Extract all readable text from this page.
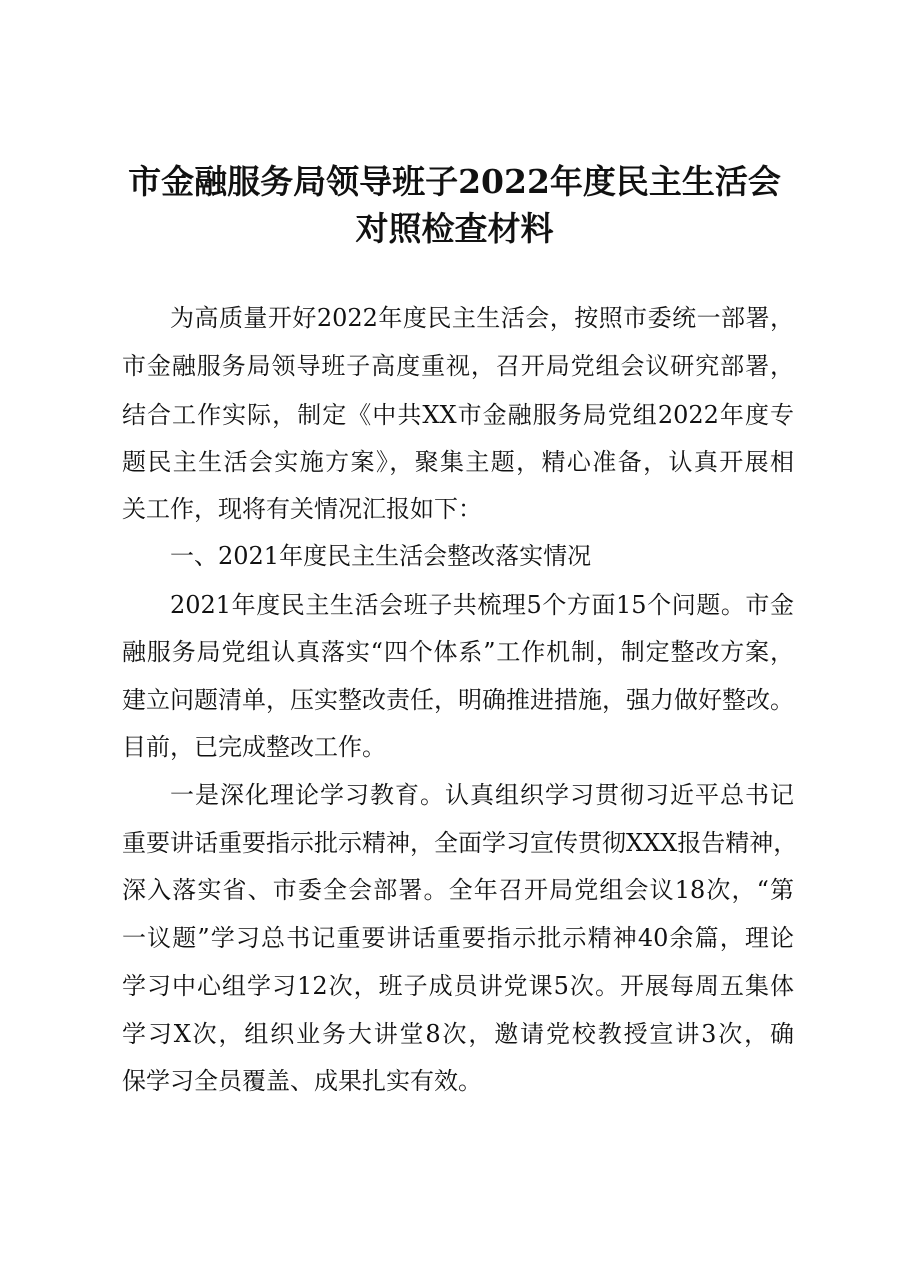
市金融服务局领导班子2022年度民主生活会
对照检查材料
为高质量开好2022年度民主生活会，按照市委统一部署，
市金融服务局领导班子高度重视，召开局党组会议研究部署，
结合工作实际，制定《中共XX市金融服务局党组2022年度专
题民主生活会实施方案》，聚集主题，精心准备，认真开展相
关工作，现将有关情况汇报如下：
一、2021年度民主生活会整改落实情况
2021年度民主生活会班子共梳理5个方面15个问题。市金
融服务局党组认真落实“四个体系”工作机制，制定整改方案，
建立问题清单，压实整改责任，明确推进措施，强力做好整改。
目前，已完成整改工作。
一是深化理论学习教育。认真组织学习贯彻习近平总书记
重要讲话重要指示批示精神，全面学习宣传贯彻XXX报告精神，
深入落实省、市委全会部署。全年召开局党组会议18次，“第
一议题”学习总书记重要讲话重要指示批示精神40余篇，理论
学习中心组学习12次，班子成员讲党课5次。开展每周五集体
学习X次，组织业务大讲堂8次，邀请党校教授宣讲3次，确
保学习全员覆盖、成果扎实有效。
